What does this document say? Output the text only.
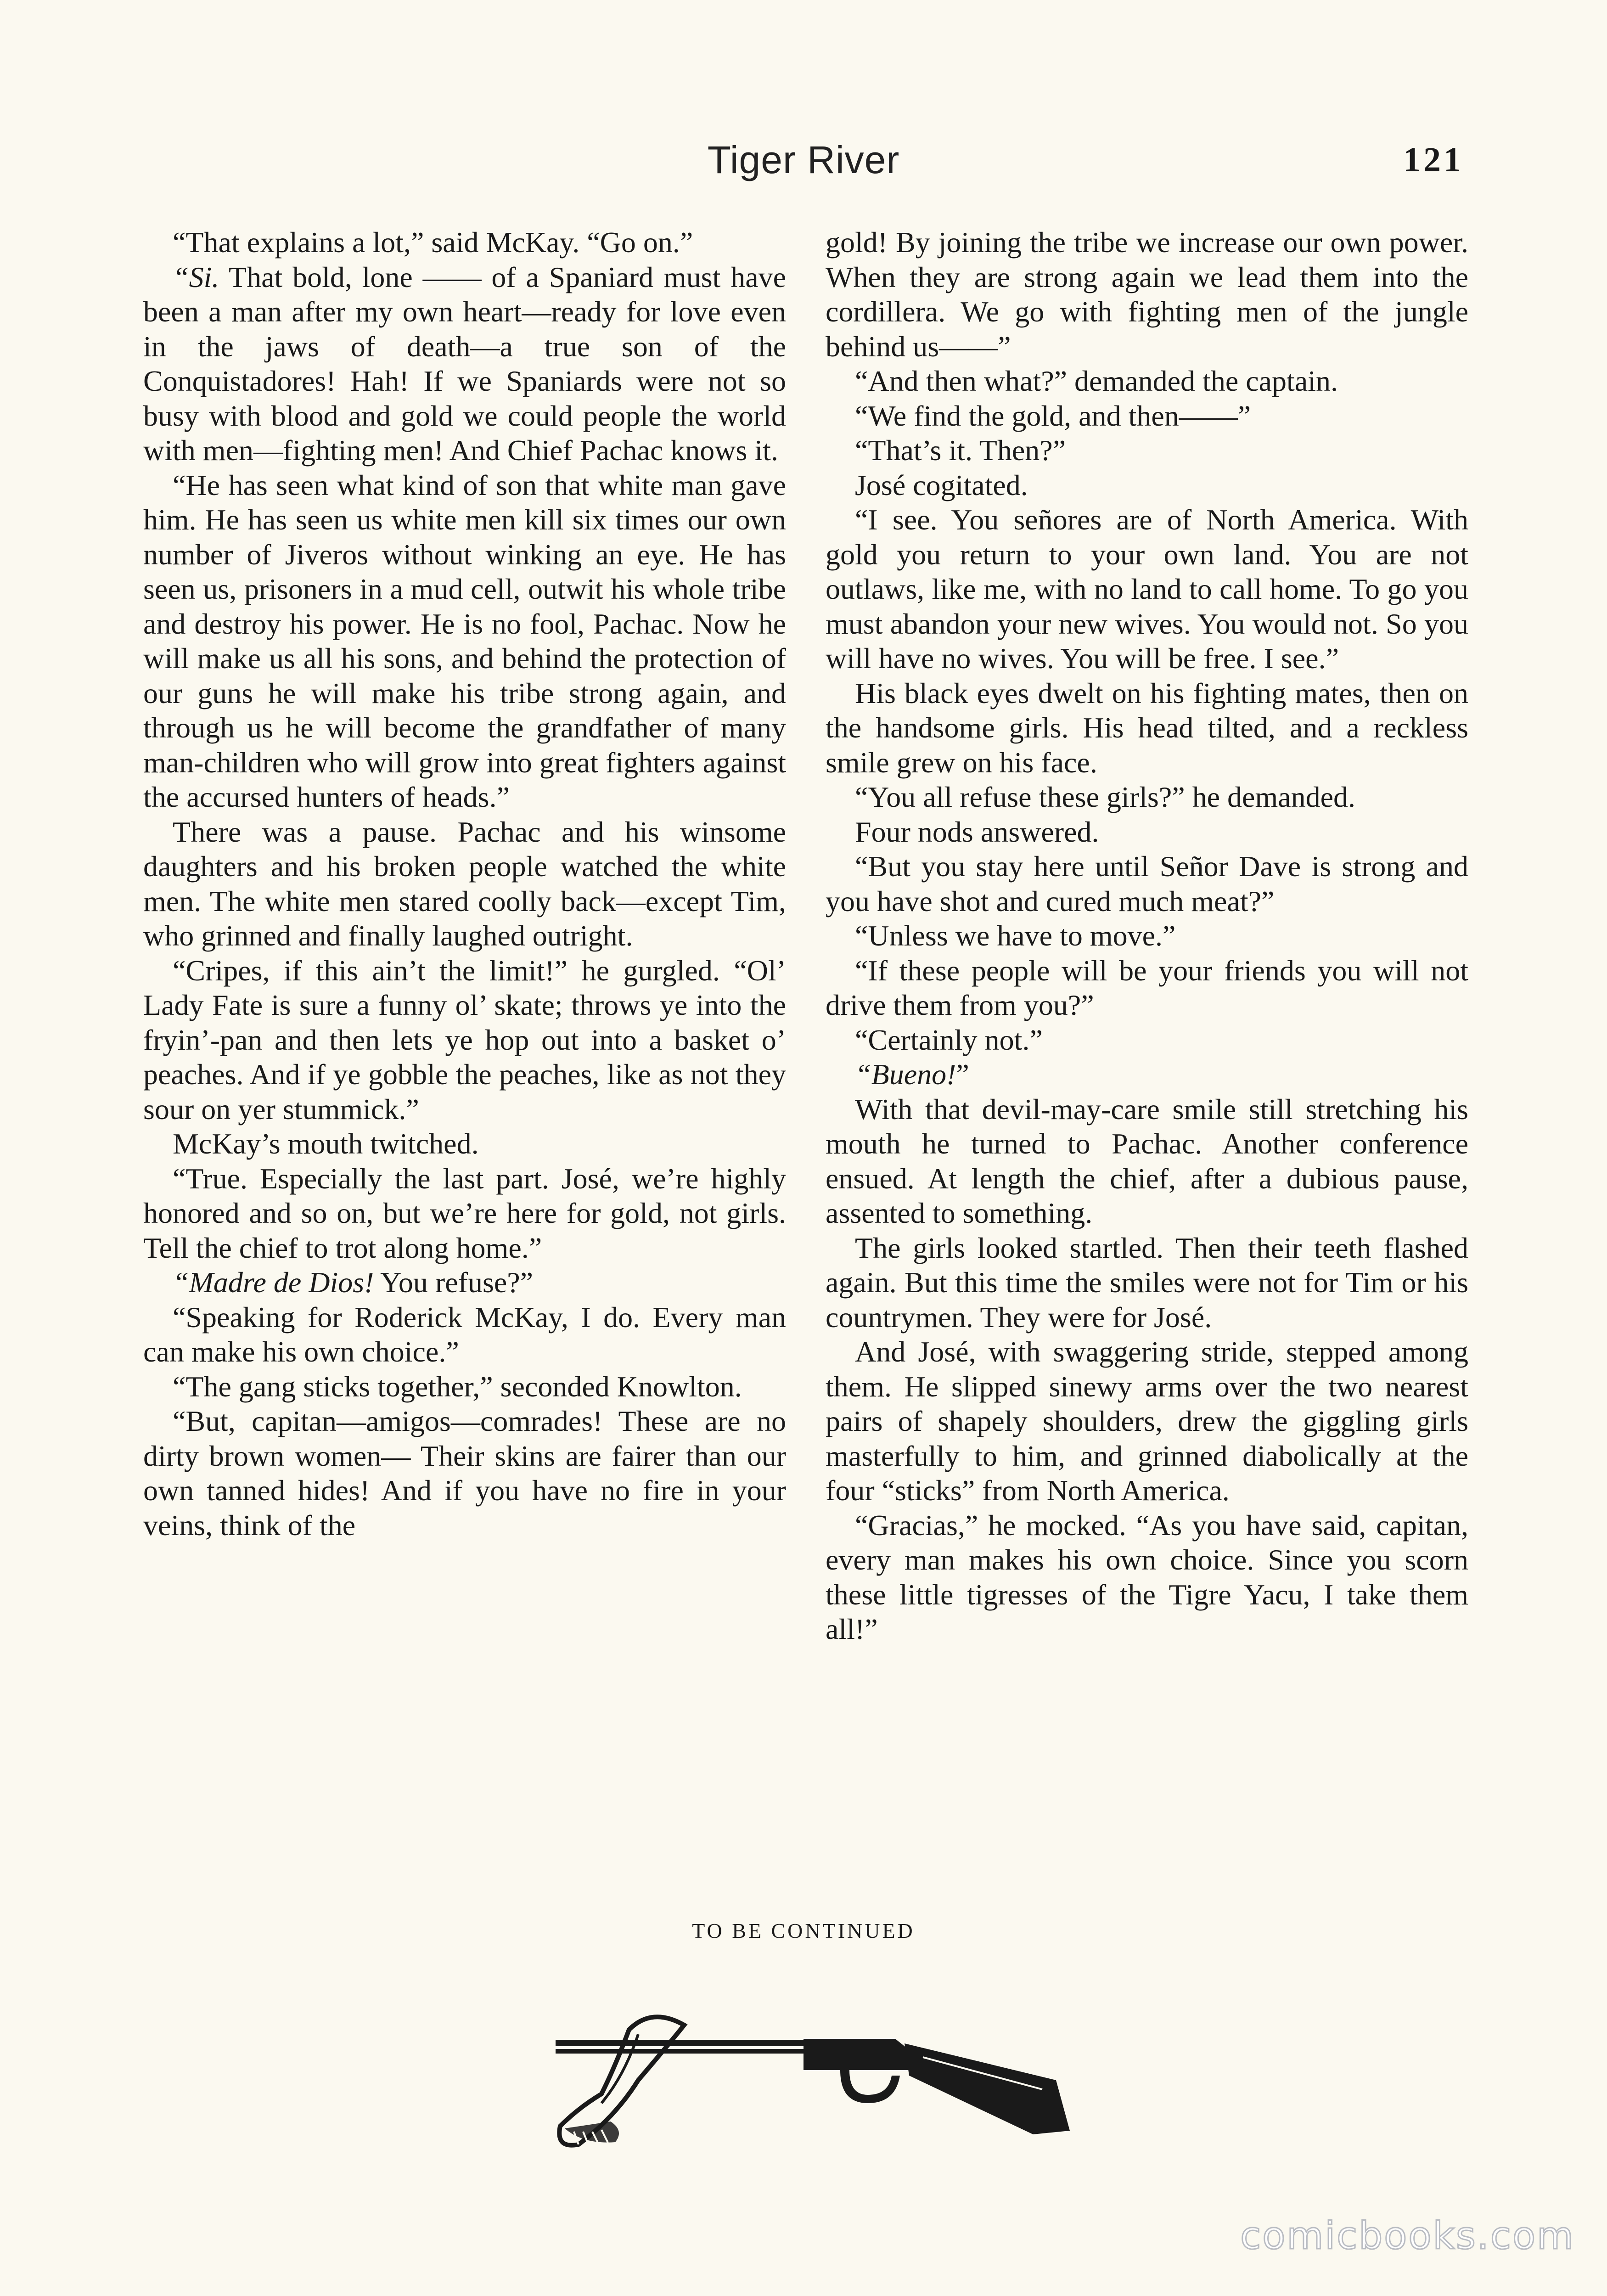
Tiger River	121

“That explains a lot,” said McKay. “Go on.”

“Si. That bold, lone —— of a Spaniard must have been a man after my own heart—ready for love even in the jaws of death—a true son of the Conquistadores! Hah! If we Spaniards were not so busy with blood and gold we could people the world with men—fighting men! And Chief Pachac knows it.

“He has seen what kind of son that white man gave him. He has seen us white men kill six times our own number of Jiveros without winking an eye. He has seen us, prisoners in a mud cell, outwit his whole tribe and destroy his power. He is no fool, Pachac. Now he will make us all his sons, and behind the protection of our guns he will make his tribe strong again, and through us he will become the grandfather of many man-children who will grow into great fighters against the accursed hunters of heads.”

There was a pause. Pachac and his winsome daughters and his broken people watched the white men. The white men stared coolly back—except Tim, who grinned and finally laughed outright.

“Cripes, if this ain’t the limit!” he gurgled. “Ol’ Lady Fate is sure a funny ol’ skate; throws ye into the fryin’-pan and then lets ye hop out into a basket o’ peaches. And if ye gobble the peaches, like as not they sour on yer stummick.”

McKay’s mouth twitched.

“True. Especially the last part. José, we’re highly honored and so on, but we’re here for gold, not girls. Tell the chief to trot along home.”

“Madre de Dios! You refuse?”

“Speaking for Roderick McKay, I do. Every man can make his own choice.”

“The gang sticks together,” seconded Knowlton.

“But, capitan—amigos—comrades! These are no dirty brown women— Their skins are fairer than our own tanned hides! And if you have no fire in your veins, think of the

gold! By joining the tribe we increase our own power. When they are strong again we lead them into the cordillera. We go with fighting men of the jungle behind us——”

“And then what?” demanded the captain.

“We find the gold, and then——”

“That’s it. Then?”

José cogitated.

“I see. You señores are of North America. With gold you return to your own land. You are not outlaws, like me, with no land to call home. To go you must abandon your new wives. You would not. So you will have no wives. You will be free. I see.”

His black eyes dwelt on his fighting mates, then on the handsome girls. His head tilted, and a reckless smile grew on his face.

“You all refuse these girls?” he demanded.

Four nods answered.

“But you stay here until Señor Dave is strong and you have shot and cured much meat?”

“Unless we have to move.”

“If these people will be your friends you will not drive them from you?”

“Certainly not.”

“Bueno!”

With that devil-may-care smile still stretching his mouth he turned to Pachac. Another conference ensued. At length the chief, after a dubious pause, assented to something.

The girls looked startled. Then their teeth flashed again. But this time the smiles were not for Tim or his countrymen. They were for José.

And José, with swaggering stride, stepped among them. He slipped sinewy arms over the two nearest pairs of shapely shoulders, drew the giggling girls masterfully to him, and grinned diabolically at the four “sticks” from North America.

“Gracias,” he mocked. “As you have said, capitan, every man makes his own choice. Since you scorn these little tigresses of the Tigre Yacu, I take them all!”

TO BE CONTINUED
comicbooks.com
